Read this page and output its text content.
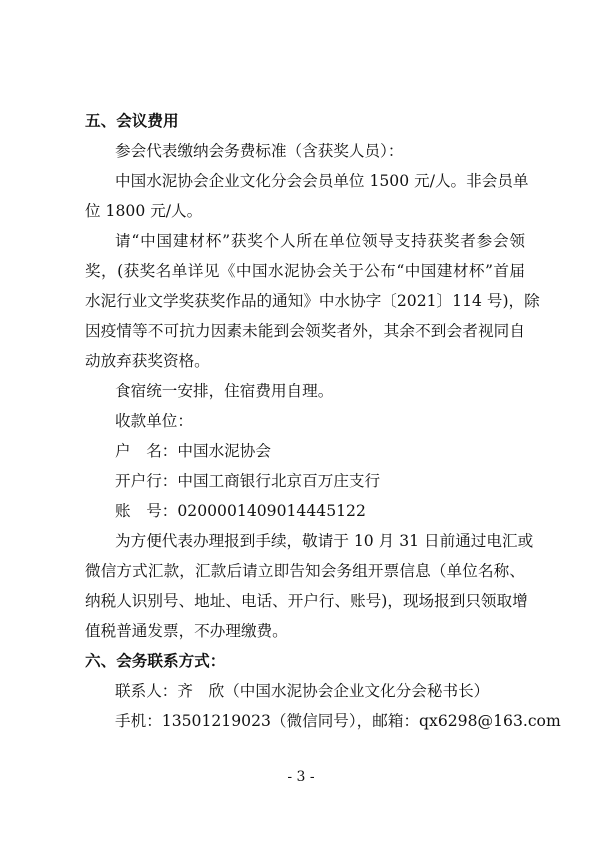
五、会议费用
参会代表缴纳会务费标准（含获奖人员）：
中国水泥协会企业文化分会会员单位 1500 元/人。非会员单
位 1800 元/人。
请“中国建材杯”获奖个人所在单位领导支持获奖者参会领
奖，(获奖名单详见《中国水泥协会关于公布“中国建材杯”首届
水泥行业文学奖获奖作品的通知》中水协字〔2021〕114 号)，除
因疫情等不可抗力因素未能到会领奖者外，其余不到会者视同自
动放弃获奖资格。
食宿统一安排，住宿费用自理。
收款单位：
户　名：中国水泥协会
开户行：中国工商银行北京百万庄支行
账　号：0200001409014445122
为方便代表办理报到手续，敬请于 10 月 31 日前通过电汇或
微信方式汇款，汇款后请立即告知会务组开票信息（单位名称、
纳税人识别号、地址、电话、开户行、账号)，现场报到只领取增
值税普通发票，不办理缴费。
六、会务联系方式：
联系人：齐　欣（中国水泥协会企业文化分会秘书长）
手机：13501219023（微信同号），邮箱：qx6298@163.com
- 3 -
